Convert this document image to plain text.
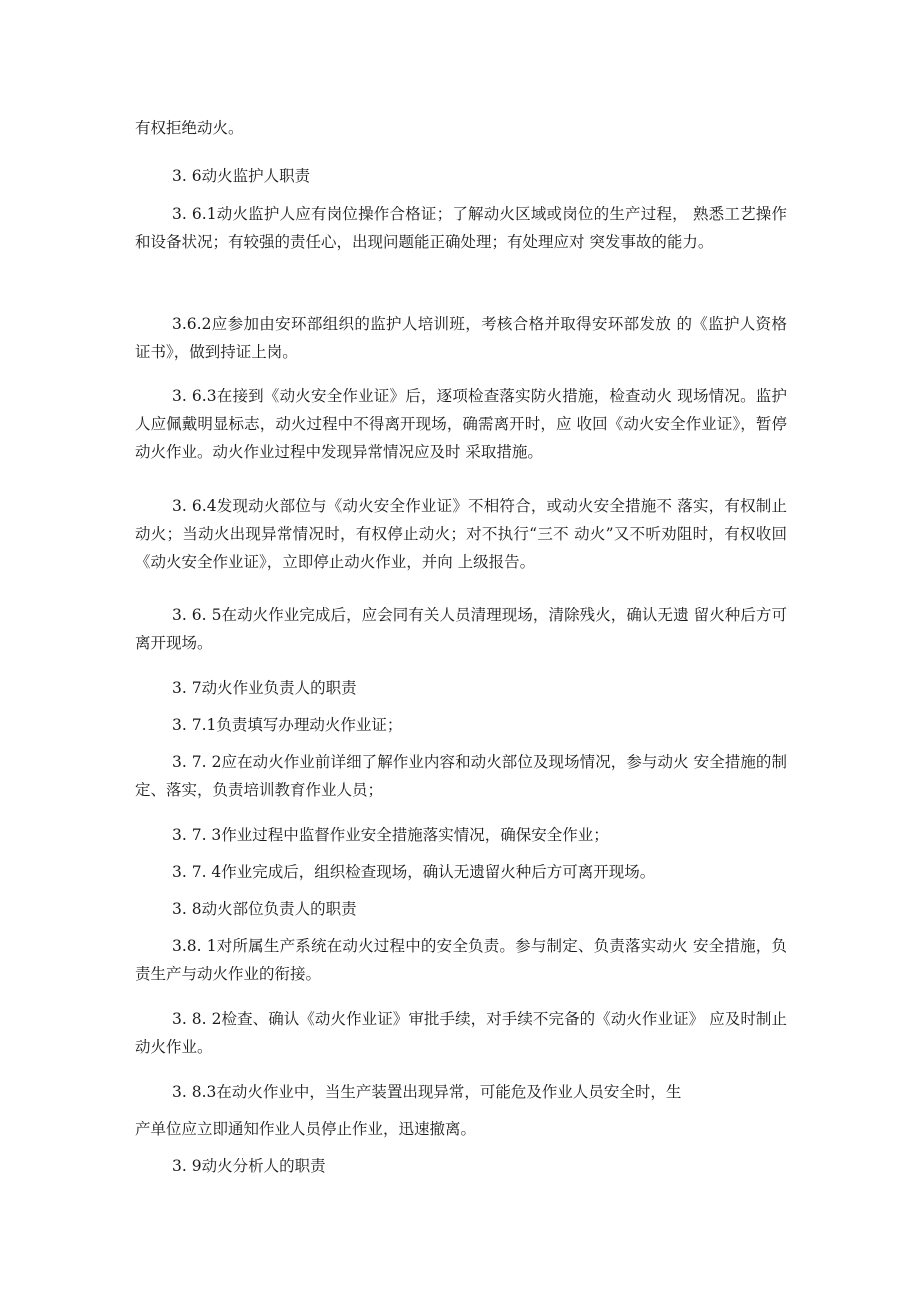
有权拒绝动火。

3. 6动火监护人职责

3. 6.1动火监护人应有岗位操作合格证；了解动火区域或岗位的生产过程， 熟悉工艺操作和设备状况；有较强的责任心，出现问题能正确处理；有处理应对 突发事故的能力。

3.6.2应参加由安环部组织的监护人培训班，考核合格并取得安环部发放 的《监护人资格证书》，做到持证上岗。

3. 6.3在接到《动火安全作业证》后，逐项检查落实防火措施，检查动火 现场情况。监护人应佩戴明显标志，动火过程中不得离开现场，确需离开时，应 收回《动火安全作业证》，暂停动火作业。动火作业过程中发现异常情况应及时 采取措施。

3. 6.4发现动火部位与《动火安全作业证》不相符合，或动火安全措施不 落实，有权制止动火；当动火出现异常情况时，有权停止动火；对不执行“三不 动火”又不听劝阻时，有权收回《动火安全作业证》，立即停止动火作业，并向 上级报告。

3. 6. 5在动火作业完成后，应会同有关人员清理现场，清除残火，确认无遗 留火种后方可离开现场。

3. 7动火作业负责人的职责

3. 7.1负责填写办理动火作业证；

3. 7. 2应在动火作业前详细了解作业内容和动火部位及现场情况，参与动火 安全措施的制定、落实，负责培训教育作业人员；

3. 7. 3作业过程中监督作业安全措施落实情况，确保安全作业；

3. 7. 4作业完成后，组织检查现场，确认无遗留火种后方可离开现场。

3. 8动火部位负责人的职责

3.8. 1对所属生产系统在动火过程中的安全负责。参与制定、负责落实动火 安全措施，负责生产与动火作业的衔接。

3. 8. 2检查、确认《动火作业证》审批手续，对手续不完备的《动火作业证》 应及时制止动火作业。

3. 8.3在动火作业中，当生产装置出现异常，可能危及作业人员安全时，生

产单位应立即通知作业人员停止作业，迅速撤离。

3. 9动火分析人的职责
